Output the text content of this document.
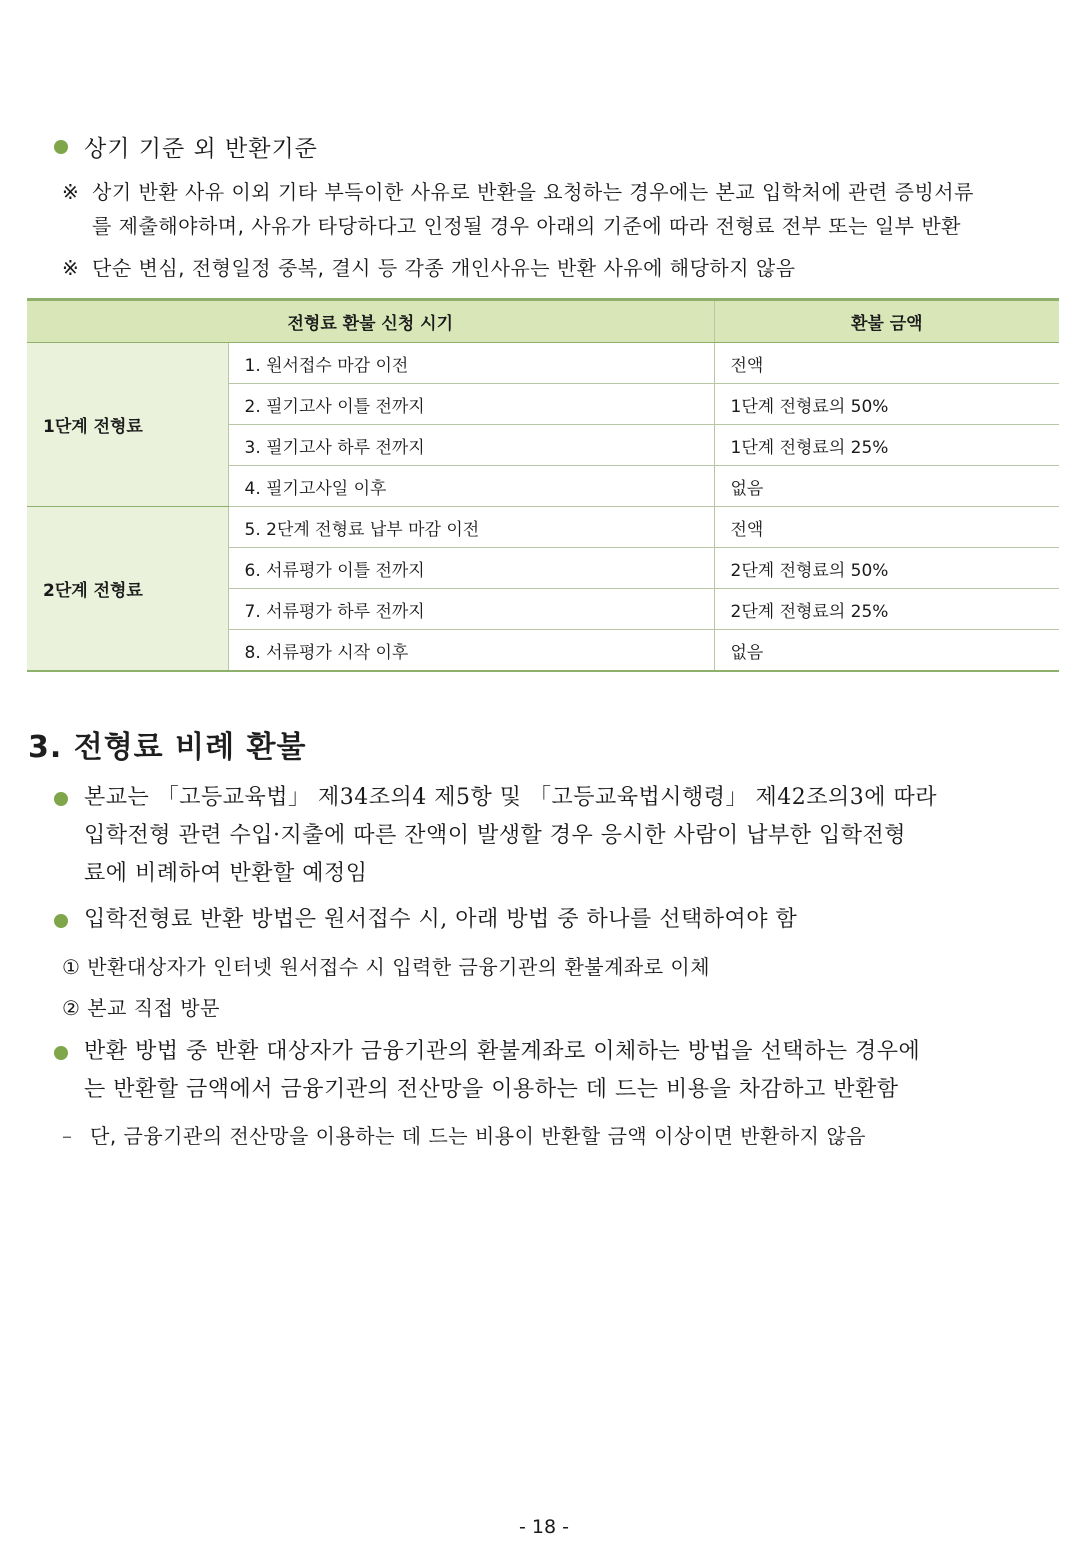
상기 기준 외 반환기준
※ 상기 반환 사유 이외 기타 부득이한 사유로 반환을 요청하는 경우에는 본교 입학처에 관련 증빙서류
를 제출해야하며, 사유가 타당하다고 인정될 경우 아래의 기준에 따라 전형료 전부 또는 일부 반환
※ 단순 변심, 전형일정 중복, 결시 등 각종 개인사유는 반환 사유에 해당하지 않음
전형료 환불 신청 시기		환불 금액
1단계 전형료	1. 원서접수 마감 이전	전액
	2. 필기고사 이틀 전까지	1단계 전형료의 50%
	3. 필기고사 하루 전까지	1단계 전형료의 25%
	4. 필기고사일 이후	없음
2단계 전형료	5. 2단계 전형료 납부 마감 이전	전액
	6. 서류평가 이틀 전까지	2단계 전형료의 50%
	7. 서류평가 하루 전까지	2단계 전형료의 25%
	8. 서류평가 시작 이후	없음
3. 전형료 비례 환불
본교는 「고등교육법」 제34조의4 제5항 및 「고등교육법시행령」 제42조의3에 따라
입학전형 관련 수입·지출에 따른 잔액이 발생할 경우 응시한 사람이 납부한 입학전형
료에 비례하여 반환할 예정임
입학전형료 반환 방법은 원서접수 시, 아래 방법 중 하나를 선택하여야 함
① 반환대상자가 인터넷 원서접수 시 입력한 금융기관의 환불계좌로 이체
② 본교 직접 방문
반환 방법 중 반환 대상자가 금융기관의 환불계좌로 이체하는 방법을 선택하는 경우에
는 반환할 금액에서 금융기관의 전산망을 이용하는 데 드는 비용을 차감하고 반환함
– 단, 금융기관의 전산망을 이용하는 데 드는 비용이 반환할 금액 이상이면 반환하지 않음
- 18 -
